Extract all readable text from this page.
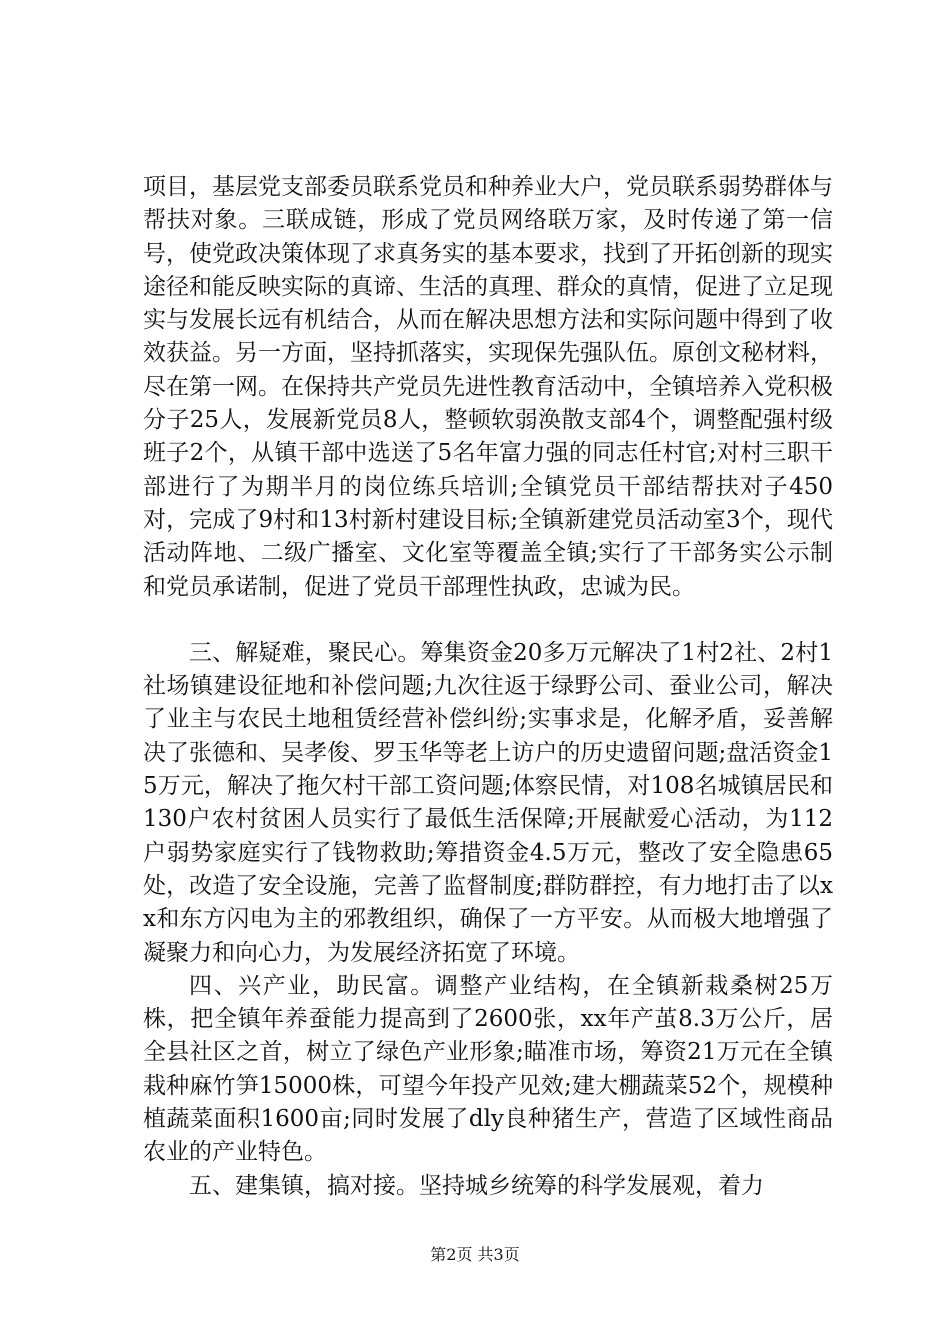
项目，基层党支部委员联系党员和种养业大户，党员联系弱势群体与帮扶对象。三联成链，形成了党员网络联万家，及时传递了第一信号，使党政决策体现了求真务实的基本要求，找到了开拓创新的现实途径和能反映实际的真谛、生活的真理、群众的真情，促进了立足现实与发展长远有机结合，从而在解决思想方法和实际问题中得到了收效获益。另一方面，坚持抓落实，实现保先强队伍。原创文秘材料，尽在第一网。在保持共产党员先进性教育活动中，全镇培养入党积极分子25人，发展新党员8人，整顿软弱涣散支部4个，调整配强村级班子2个，从镇干部中选送了5名年富力强的同志任村官;对村三职干部进行了为期半月的岗位练兵培训;全镇党员干部结帮扶对子450对，完成了9村和13村新村建设目标;全镇新建党员活动室3个，现代活动阵地、二级广播室、文化室等覆盖全镇;实行了干部务实公示制和党员承诺制，促进了党员干部理性执政，忠诚为民。

三、解疑难，聚民心。筹集资金20多万元解决了1村2社、2村1社场镇建设征地和补偿问题;九次往返于绿野公司、蚕业公司，解决了业主与农民土地租赁经营补偿纠纷;实事求是，化解矛盾，妥善解决了张德和、吴孝俊、罗玉华等老上访户的历史遗留问题;盘活资金15万元，解决了拖欠村干部工资问题;体察民情，对108名城镇居民和130户农村贫困人员实行了最低生活保障;开展献爱心活动，为112户弱势家庭实行了钱物救助;筹措资金4.5万元，整改了安全隐患65处，改造了安全设施，完善了监督制度;群防群控，有力地打击了以xx和东方闪电为主的邪教组织，确保了一方平安。从而极大地增强了凝聚力和向心力，为发展经济拓宽了环境。

四、兴产业，助民富。调整产业结构，在全镇新栽桑树25万株，把全镇年养蚕能力提高到了2600张，xx年产茧8.3万公斤，居全县社区之首，树立了绿色产业形象;瞄准市场，筹资21万元在全镇栽种麻竹笋15000株，可望今年投产见效;建大棚蔬菜52个，规模种植蔬菜面积1600亩;同时发展了dly良种猪生产，营造了区域性商品农业的产业特色。

五、建集镇，搞对接。坚持城乡统筹的科学发展观，着力

第2页 共3页
